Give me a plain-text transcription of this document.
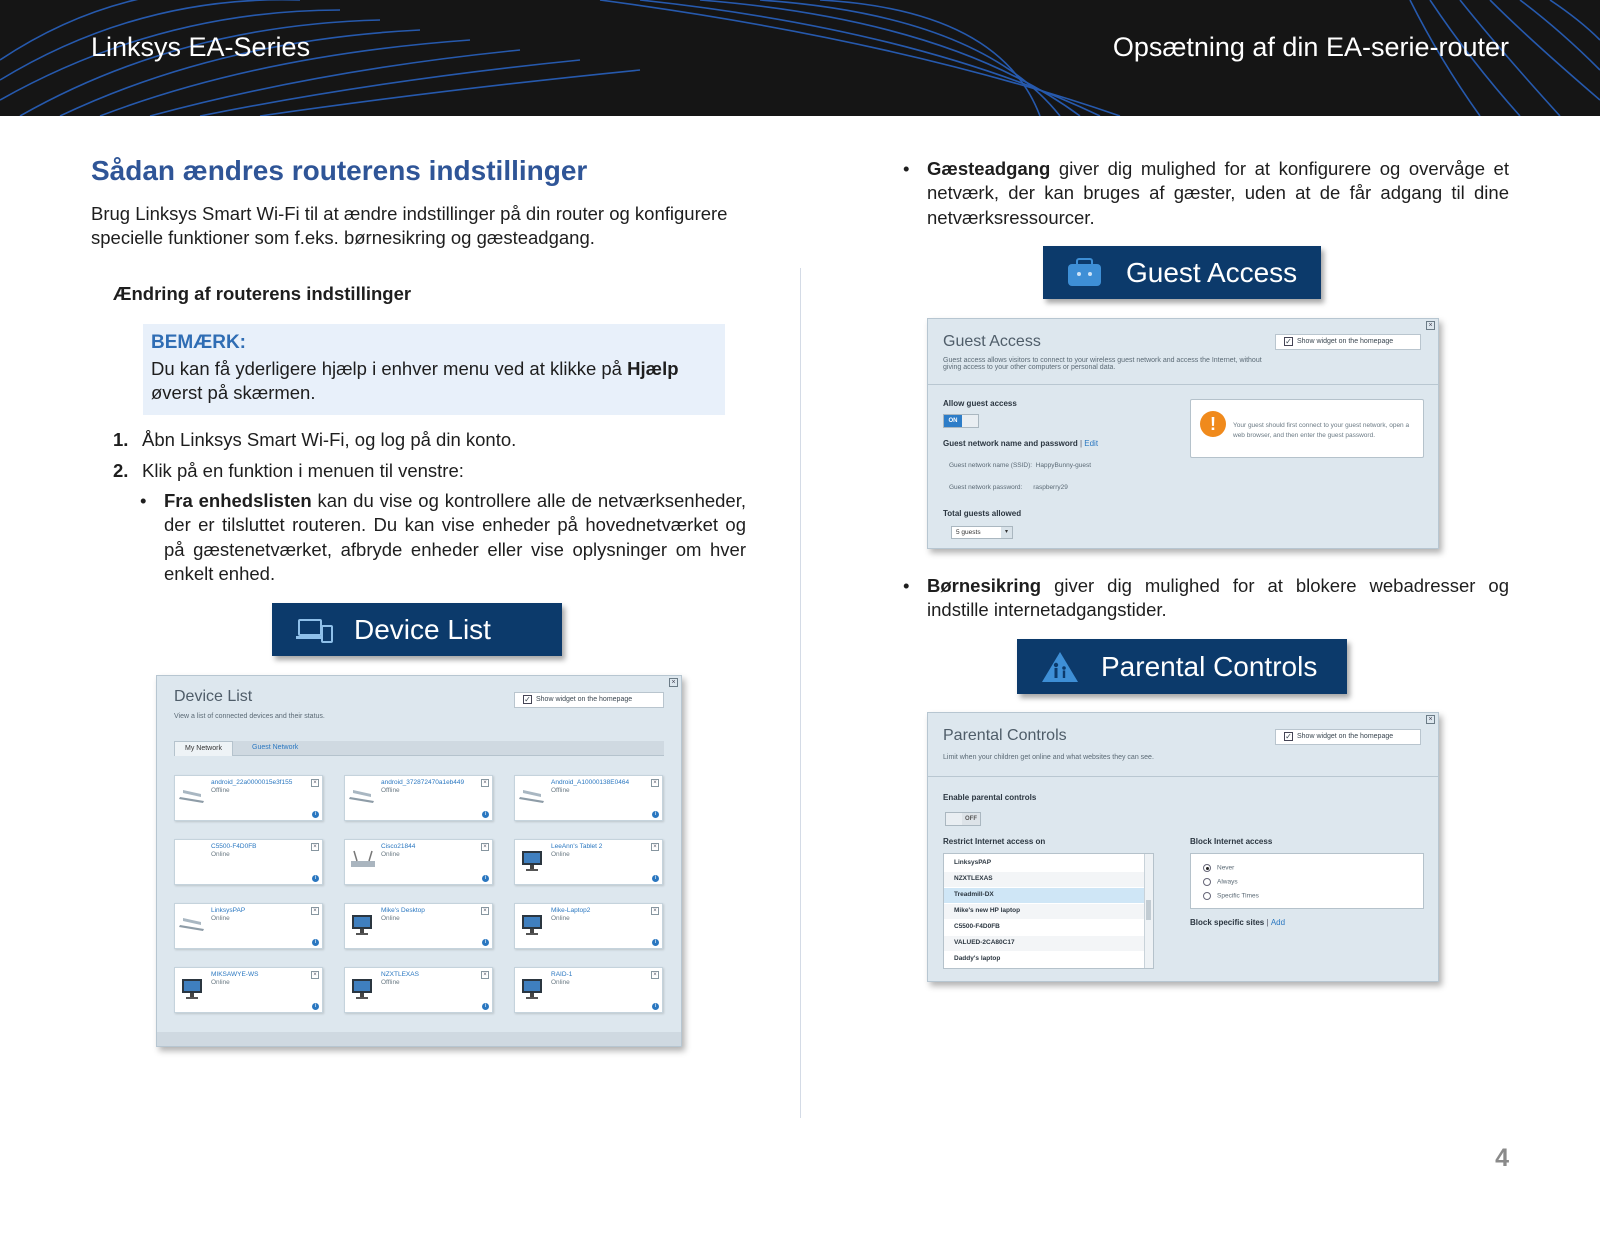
Linksys EA-Series	Opsætning af din EA-serie-router
Sådan ændres routerens indstillinger
Brug Linksys Smart Wi-Fi til at ændre indstillinger på din router og konfigurere specielle funktioner som f.eks. børnesikring og gæsteadgang.
Ændring af routerens indstillinger
BEMÆRK:
Du kan få yderligere hjælp i enhver menu ved at klikke på Hjælp
øverst på skærmen.
1. Åbn Linksys Smart Wi-Fi, og log på din konto.
2. Klik på en funktion i menuen til venstre:
• Fra enhedslisten kan du vise og kontrollere alle de netværksenheder, der er tilsluttet routeren. Du kan vise enheder på hovednetværket og på gæstenetværket, afbryde enheder eller vise oplysninger om hver enkelt enhed.
Device List
×
Device List
View a list of connected devices and their status.
✓ Show widget on the homepage
My Network	Guest Network
android_22a0000015e3f155
Offline
×
i
android_372872470a1eb449
Offline
×
i
Android_A10000138E0464
Offline
×
i
C5500-F4D0FB
Online
×
i
Cisco21844
Online
×
i
LeeAnn's Tablet 2
Online
×
i
LinksysPAP
Online
×
i
Mike's Desktop
Online
×
i
Mike-Laptop2
Online
×
i
MIKSAWYE-WS
Online
×
i
NZXTLEXAS
Offline
×
i
RAID-1
Online
×
i
• Gæsteadgang giver dig mulighed for at konfigurere og overvåge et netværk, der kan bruges af gæster, uden at de får adgang til dine netværksressourcer.
Guest Access
×
Guest Access
Guest access allows visitors to connect to your wireless guest network and access the Internet, without giving access to your other computers or personal data.
✓ Show widget on the homepage
Allow guest access
ON
Guest network name and password | Edit
Guest network name (SSID): HappyBunny-guest
Guest network password: raspberry29
Total guests allowed
5 guests	▾
!	Your guest should first connect to your guest network, open a web browser, and then enter the guest password.
• Børnesikring giver dig mulighed for at blokere webadresser og indstille internetadgangstider.
Parental Controls
×
Parental Controls
Limit when your children get online and what websites they can see.
✓ Show widget on the homepage
Enable parental controls
OFF
Restrict Internet access on
LinksysPAP
NZXTLEXAS
Treadmill-DX
Mike's new HP laptop
C5500-F4D0FB
VALUED-2CA80C17
Daddy's laptop
Block Internet access
Never
Always
Specific Times
Block specific sites | Add
4
